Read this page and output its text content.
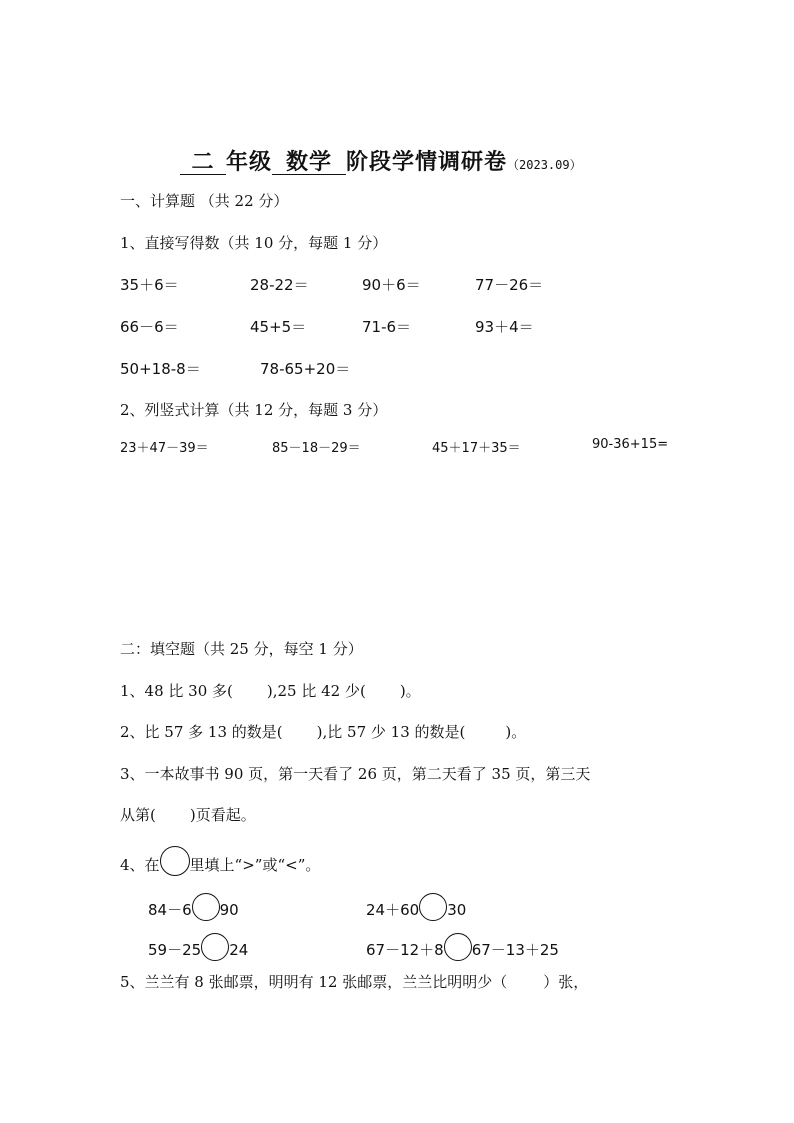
二 年级 数学 阶段学情调研卷（2023.09）
一、计算题 （共 22 分）
1、直接写得数（共 10 分，每题 1 分）
35＋6＝	28-22＝	90＋6＝	77－26＝
66－6＝	45+5＝	71-6＝	93＋4＝
50+18-8＝	78-65+20＝
2、列竖式计算（共 12 分，每题 3 分）
23＋47－39＝	85－18－29＝	45＋17＋35＝	90-36+15=
二：填空题（共 25 分，每空 1 分）
1、48 比 30 多( ),25 比 42 少( )。
2、比 57 多 13 的数是( ),比 57 少 13 的数是(	)。
3、一本故事书 90 页，第一天看了 26 页，第二天看了 35 页，第三天
从第( )页看起。
4、在 里填上“>”或“<”。
84－6 90	24＋60 30
59－25 24	67－12＋8 67－13＋25
5、兰兰有 8 张邮票，明明有 12 张邮票，兰兰比明明少（ ）张，
